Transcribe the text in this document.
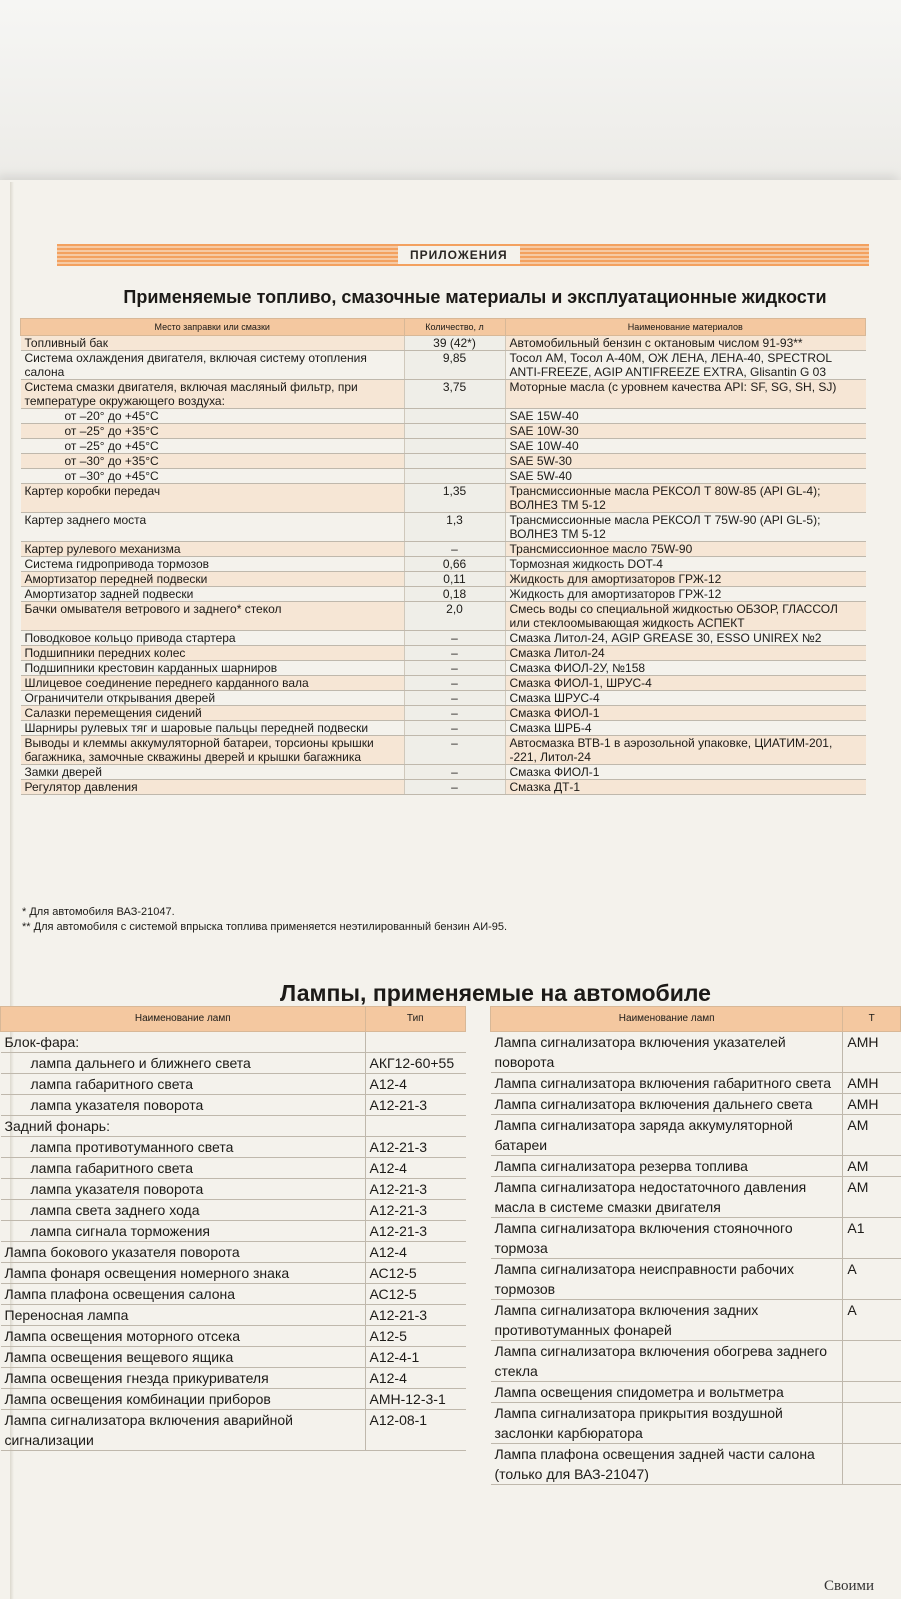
ПРИЛОЖЕНИЯ
Применяемые топливо, смазочные материалы и эксплуатационные жидкости
Место заправки или смазки	Количество, л	Наименование материалов
Топливный бак	39 (42*)	Автомобильный бензин с октановым числом 91-93**
Система охлаждения двигателя, включая систему отопления салона	9,85	Тосол АМ, Тосол А-40М, ОЖ ЛЕНА, ЛЕНА-40, SPECTROL ANTI-FREEZE, AGIP ANTIFREEZE EXTRA, Glisantin G 03
Система смазки двигателя, включая масляный фильтр, при температуре окружающего воздуха:	3,75	Моторные масла (с уровнем качества API: SF, SG, SH, SJ)

от –20° до +45°C		SAE 15W-40

от –25° до +35°C		SAE 10W-30

от –25° до +45°C		SAE 10W-40

от –30° до +35°C		SAE 5W-30

от –30° до +45°C		SAE 5W-40
Картер коробки передач	1,35	Трансмиссионные масла РЕКСОЛ Т 80W-85 (API GL-4); ВОЛНЕЗ ТМ 5-12
Картер заднего моста	1,3	Трансмиссионные масла РЕКСОЛ Т 75W-90 (API GL-5); ВОЛНЕЗ ТМ 5-12
Картер рулевого механизма	–	Трансмиссионное масло 75W-90
Система гидропривода тормозов	0,66	Тормозная жидкость DOT-4
Амортизатор передней подвески	0,11	Жидкость для амортизаторов ГРЖ-12
Амортизатор задней подвески	0,18	Жидкость для амортизаторов ГРЖ-12
Бачки омывателя ветрового и заднего* стекол	2,0	Смесь воды со специальной жидкостью ОБЗОР, ГЛАССОЛ или стеклоомывающая жидкость АСПЕКТ
Поводковое кольцо привода стартера	–	Смазка Литол-24, AGIP GREASE 30, ESSO UNIREX №2
Подшипники передних колес	–	Смазка Литол-24
Подшипники крестовин карданных шарниров	–	Смазка ФИОЛ-2У, №158
Шлицевое соединение переднего карданного вала	–	Смазка ФИОЛ-1, ШРУС-4
Ограничители открывания дверей	–	Смазка ШРУС-4
Салазки перемещения сидений	–	Смазка ФИОЛ-1
Шарниры рулевых тяг и шаровые пальцы передней подвески	–	Смазка ШРБ-4
Выводы и клеммы аккумуляторной батареи, торсионы крышки багажника, замочные скважины дверей и крышки багажника	–	Автосмазка ВТВ-1 в аэрозольной упаковке, ЦИАТИМ-201, -221, Литол-24
Замки дверей	–	Смазка ФИОЛ-1
Регулятор давления	–	Смазка ДТ-1
* Для автомобиля ВАЗ-21047.
** Для автомобиля с системой впрыска топлива применяется неэтилированный бензин АИ-95.
Лампы, применяемые на автомобиле
Наименование ламп	Тип
Блок-фара:	

лампа дальнего и ближнего света	АКГ12-60+55

лампа габаритного света	А12-4

лампа указателя поворота	А12-21-3
Задний фонарь:	

лампа противотуманного света	А12-21-3

лампа габаритного света	А12-4

лампа указателя поворота	А12-21-3

лампа света заднего хода	А12-21-3

лампа сигнала торможения	А12-21-3
Лампа бокового указателя поворота	А12-4
Лампа фонаря освещения номерного знака	АС12-5
Лампа плафона освещения салона	АС12-5
Переносная лампа	А12-21-3
Лампа освещения моторного отсека	А12-5
Лампа освещения вещевого ящика	А12-4-1
Лампа освещения гнезда прикуривателя	А12-4
Лампа освещения комбинации приборов	АМН-12-3-1
Лампа сигнализатора включения аварийной сигнализации	А12-08-1
Наименование ламп	Т
Лампа сигнализатора включения указателей поворота	АМН
Лампа сигнализатора включения габаритного света	АМН
Лампа сигнализатора включения дальнего света	АМН
Лампа сигнализатора заряда аккумуляторной батареи	АМ
Лампа сигнализатора резерва топлива	АМ
Лампа сигнализатора недостаточного давления масла в системе смазки двигателя	АМ
Лампа сигнализатора включения стояночного тормоза	А1
Лампа сигнализатора неисправности рабочих тормозов	А
Лампа сигнализатора включения задних противотуманных фонарей	А
Лампа сигнализатора включения обогрева заднего стекла	
Лампа освещения спидометра и вольтметра	
Лампа сигнализатора прикрытия воздушной заслонки карбюратора	
Лампа плафона освещения задней части салона (только для ВАЗ-21047)	
Своими
